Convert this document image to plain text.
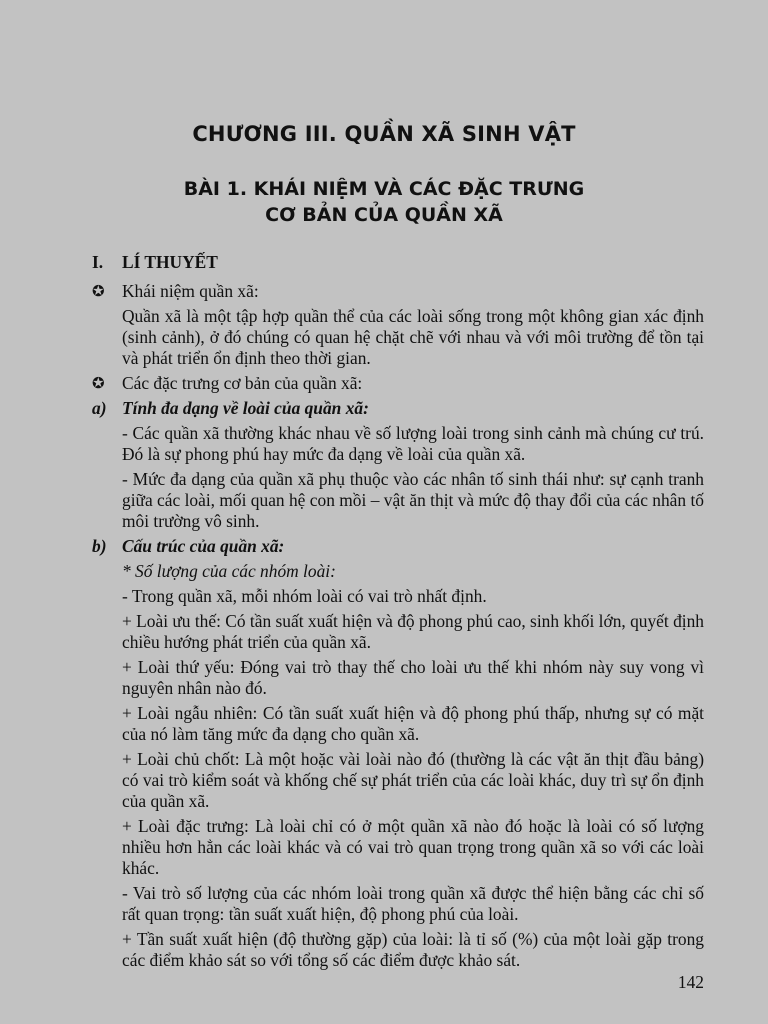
CHƯƠNG III. QUẦN XÃ SINH VẬT
BÀI 1. KHÁI NIỆM VÀ CÁC ĐẶC TRƯNG
CƠ BẢN CỦA QUẦN XÃ
I.	LÍ THUYẾT
✪	Khái niệm quần xã:
Quần xã là một tập hợp quần thể của các loài sống trong một không gian xác định (sinh cảnh), ở đó chúng có quan hệ chặt chẽ với nhau và với môi trường để tồn tại và phát triển ổn định theo thời gian.
✪	Các đặc trưng cơ bản của quần xã:
a) Tính đa dạng về loài của quần xã:
- Các quần xã thường khác nhau về số lượng loài trong sinh cảnh mà chúng cư trú. Đó là sự phong phú hay mức đa dạng về loài của quần xã.
- Mức đa dạng của quần xã phụ thuộc vào các nhân tố sinh thái như: sự cạnh tranh giữa các loài, mối quan hệ con mồi – vật ăn thịt và mức độ thay đổi của các nhân tố môi trường vô sinh.
b) Cấu trúc của quần xã:
* Số lượng của các nhóm loài:
- Trong quần xã, mỗi nhóm loài có vai trò nhất định.
+ Loài ưu thế: Có tần suất xuất hiện và độ phong phú cao, sinh khối lớn, quyết định chiều hướng phát triển của quần xã.
+ Loài thứ yếu: Đóng vai trò thay thế cho loài ưu thế khi nhóm này suy vong vì nguyên nhân nào đó.
+ Loài ngẫu nhiên: Có tần suất xuất hiện và độ phong phú thấp, nhưng sự có mặt của nó làm tăng mức đa dạng cho quần xã.
+ Loài chủ chốt: Là một hoặc vài loài nào đó (thường là các vật ăn thịt đầu bảng) có vai trò kiểm soát và khống chế sự phát triển của các loài khác, duy trì sự ổn định của quần xã.
+ Loài đặc trưng: Là loài chỉ có ở một quần xã nào đó hoặc là loài có số lượng nhiều hơn hẳn các loài khác và có vai trò quan trọng trong quần xã so với các loài khác.
- Vai trò số lượng của các nhóm loài trong quần xã được thể hiện bằng các chỉ số rất quan trọng: tần suất xuất hiện, độ phong phú của loài.
+ Tần suất xuất hiện (độ thường gặp) của loài: là tỉ số (%) của một loài gặp trong các điểm khảo sát so với tổng số các điểm được khảo sát.
142
